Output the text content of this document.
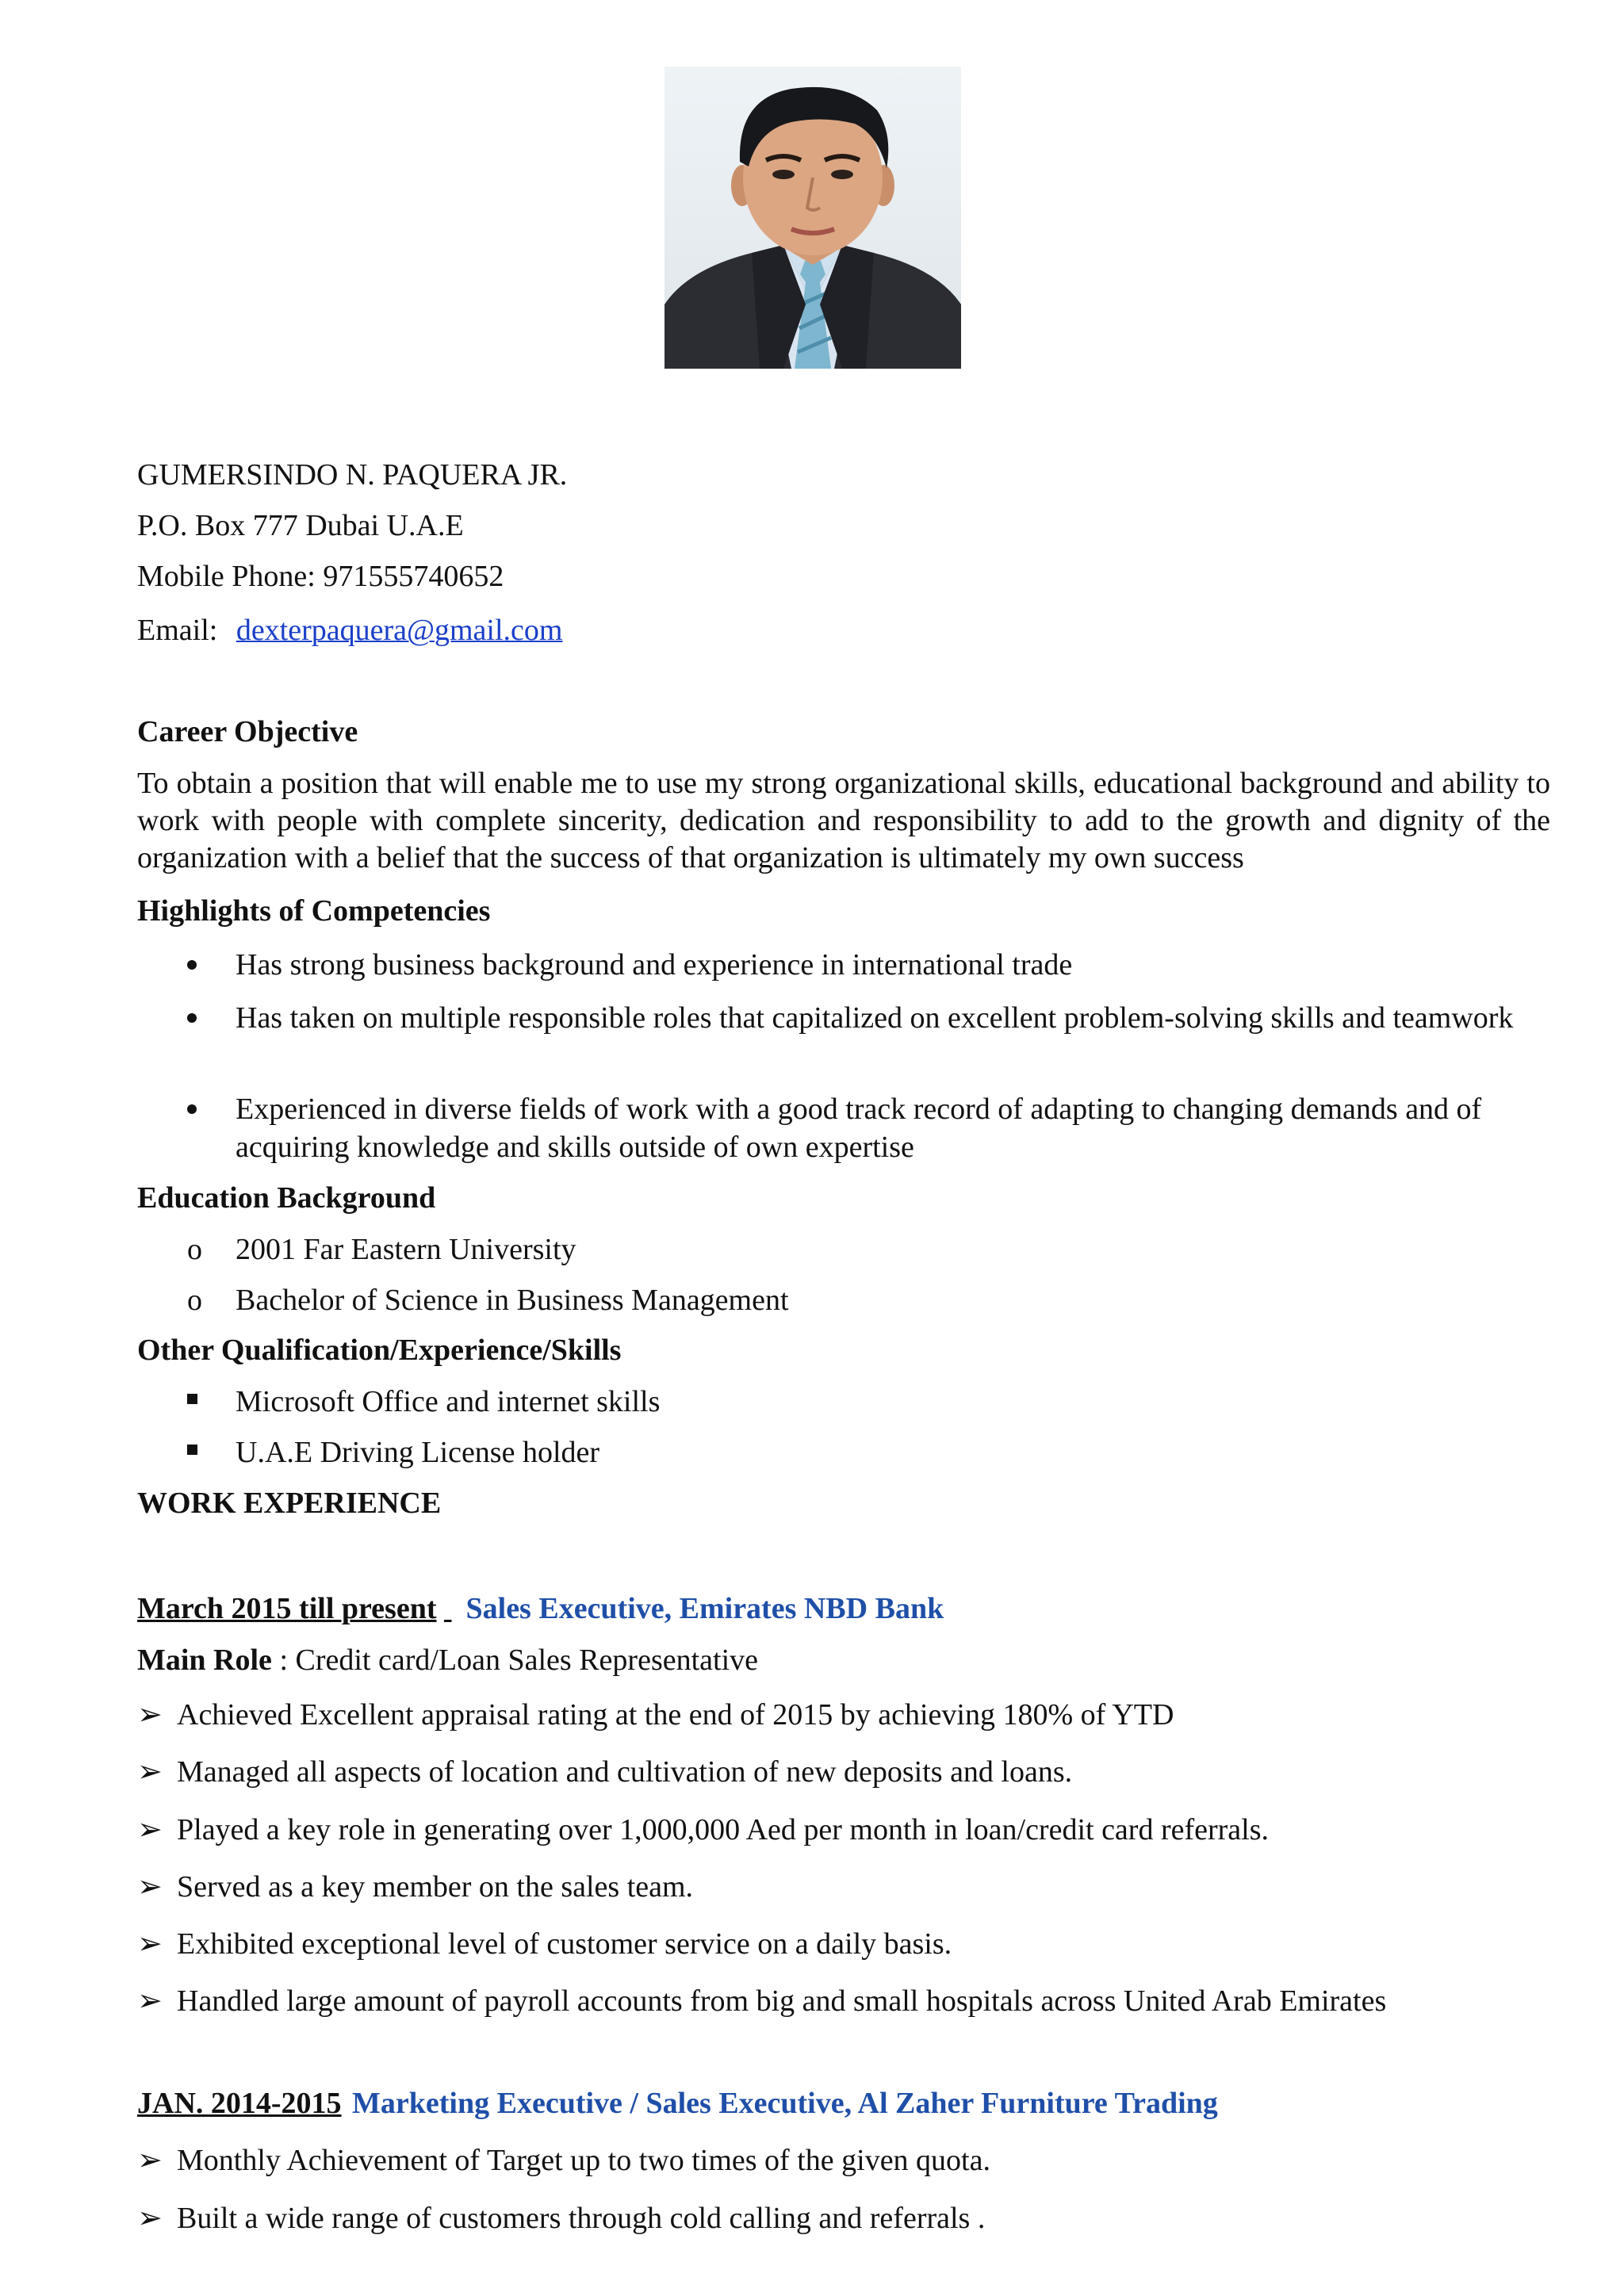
GUMERSINDO N. PAQUERA JR.
P.O. Box 777 Dubai U.A.E
Mobile Phone: 971555740652
Email: dexterpaquera@gmail.com
Career Objective
To obtain a position that will enable me to use my strong organizational skills, educational background and ability to work with people with complete sincerity, dedication and responsibility to add to the growth and dignity of the organization with a belief that the success of that organization is ultimately my own success
Highlights of Competencies
Has strong business background and experience in international trade
Has taken on multiple responsible roles that capitalized on excellent problem-solving skills and teamwork
Experienced in diverse fields of work with a good track record of adapting to changing demands and of acquiring knowledge and skills outside of own expertise
Education Background
o 2001 Far Eastern University
o Bachelor of Science in Business Management
Other Qualification/Experience/Skills
Microsoft Office and internet skills
U.A.E Driving License holder
WORK EXPERIENCE
March 2015 till present Sales Executive, Emirates NBD Bank
Main Role : Credit card/Loan Sales Representative
➢ Achieved Excellent appraisal rating at the end of 2015 by achieving 180% of YTD
➢ Managed all aspects of location and cultivation of new deposits and loans.
➢ Played a key role in generating over 1,000,000 Aed per month in loan/credit card referrals.
➢ Served as a key member on the sales team.
➢ Exhibited exceptional level of customer service on a daily basis.
➢ Handled large amount of payroll accounts from big and small hospitals across United Arab Emirates
JAN. 2014-2015 Marketing Executive / Sales Executive, Al Zaher Furniture Trading
➢ Monthly Achievement of Target up to two times of the given quota.
➢ Built a wide range of customers through cold calling and referrals .
